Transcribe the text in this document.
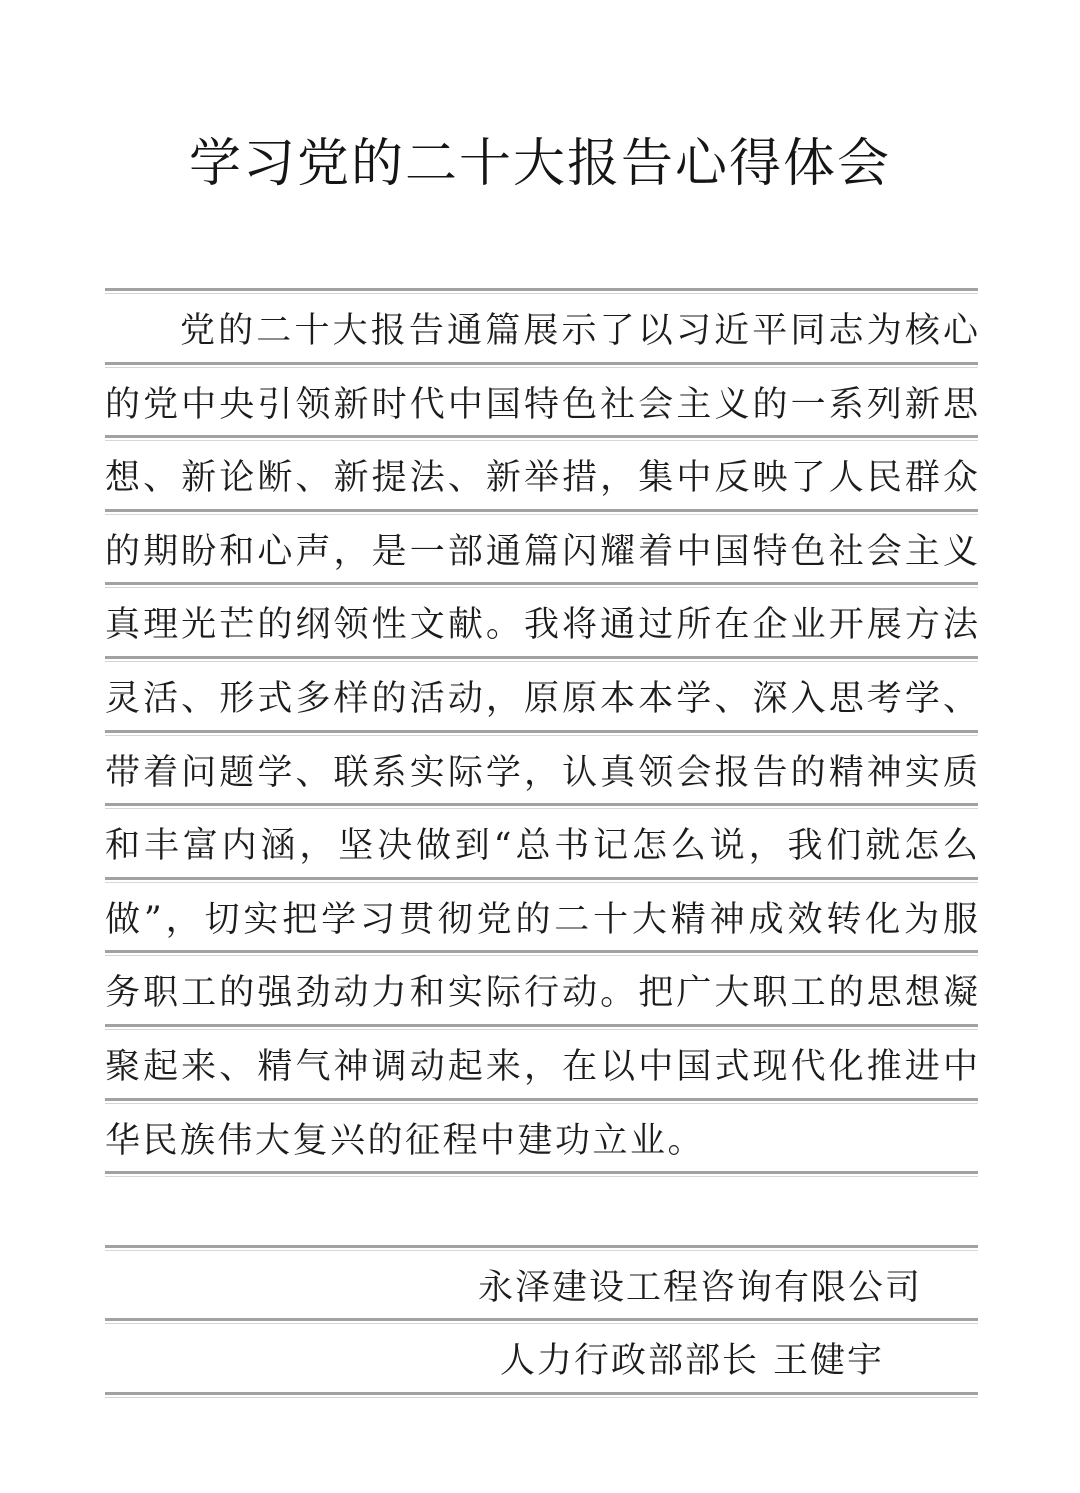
学习党的二十大报告心得体会
党的二十大报告通篇展示了以习近平同志为核心
的党中央引领新时代中国特色社会主义的一系列新思
想、新论断、新提法、新举措，集中反映了人民群众
的期盼和心声，是一部通篇闪耀着中国特色社会主义
真理光芒的纲领性文献。我将通过所在企业开展方法
灵活、形式多样的活动，原原本本学、深入思考学、
带着问题学、联系实际学，认真领会报告的精神实质
和丰富内涵，坚决做到“总书记怎么说，我们就怎么
做”，切实把学习贯彻党的二十大精神成效转化为服
务职工的强劲动力和实际行动。把广大职工的思想凝
聚起来、精气神调动起来，在以中国式现代化推进中
华民族伟大复兴的征程中建功立业。
永泽建设工程咨询有限公司
人力行政部部长 王健宇
